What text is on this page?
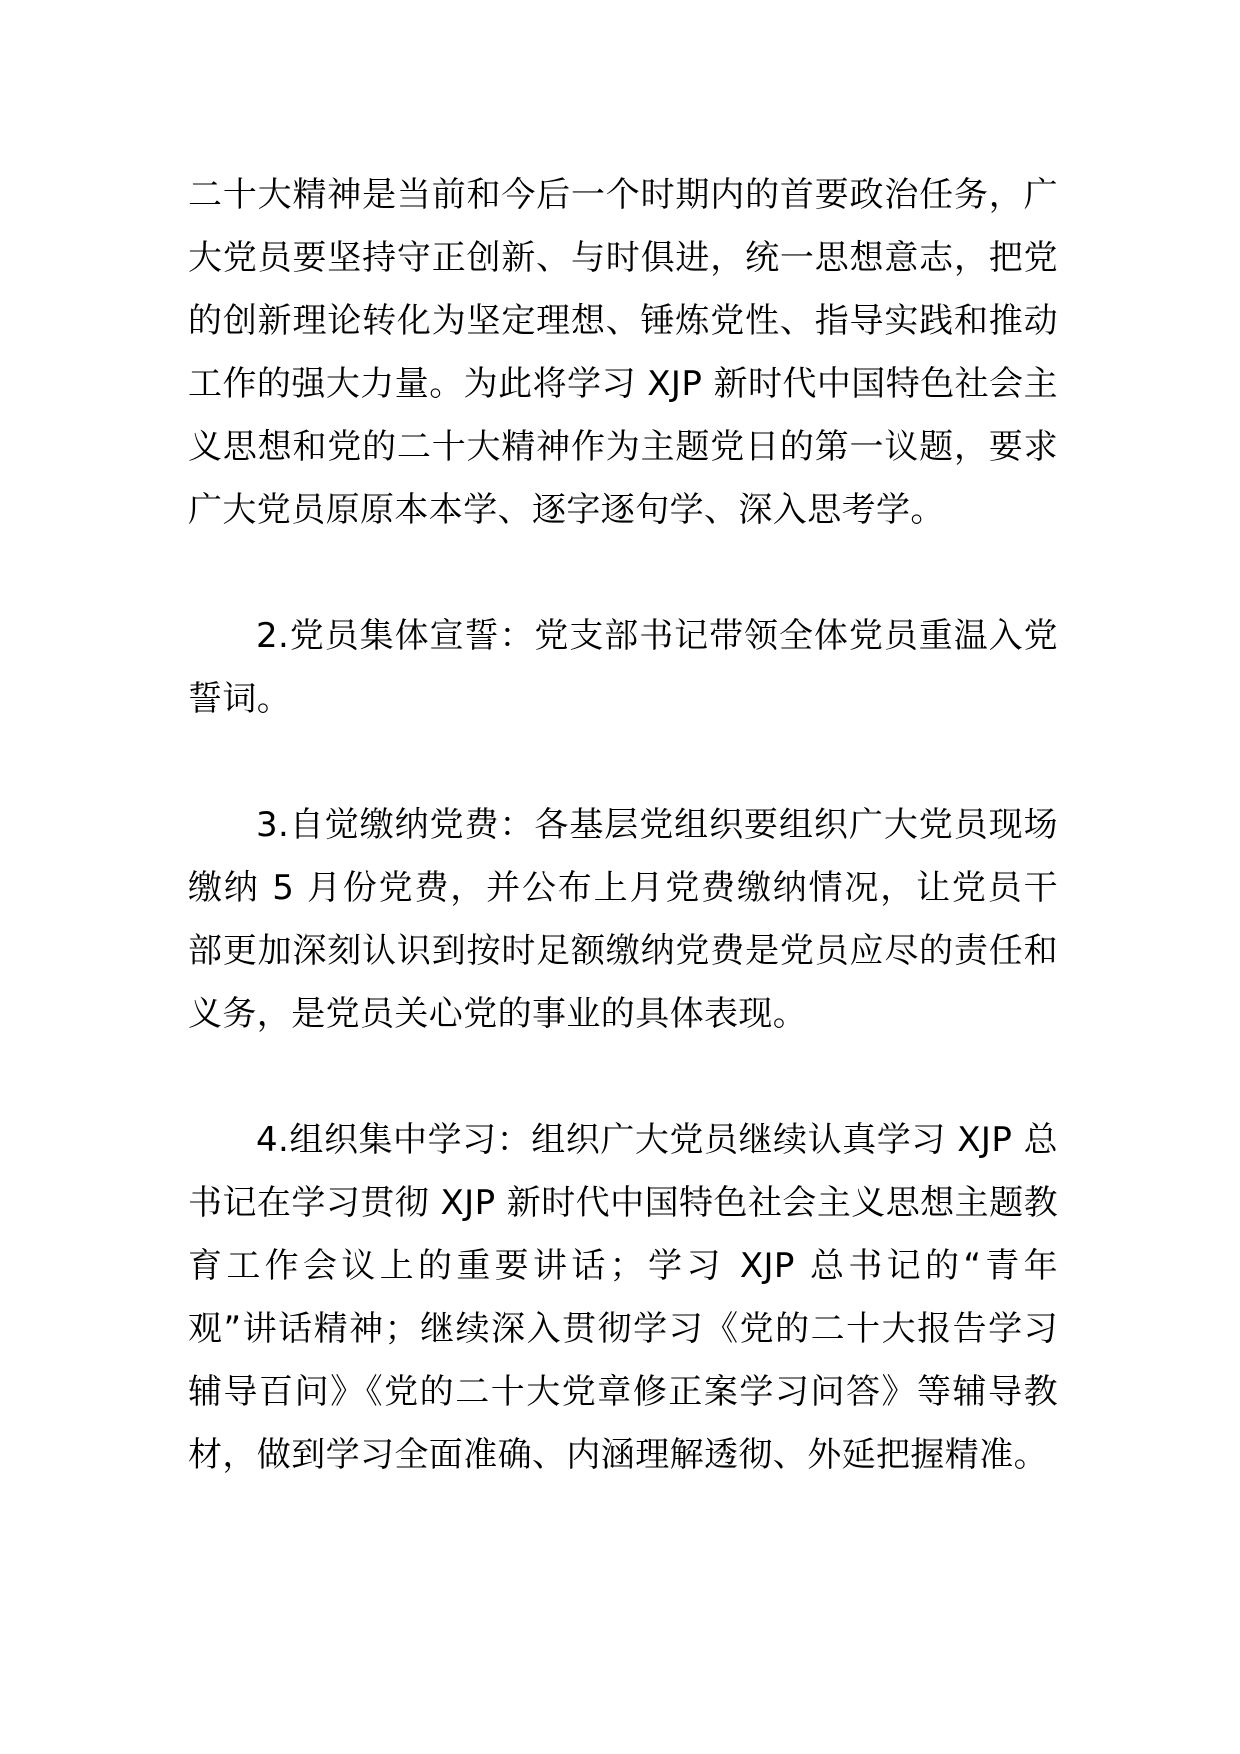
二十大精神是当前和今后一个时期内的首要政治任务，广大党员要坚持守正创新、与时俱进，统一思想意志，把党的创新理论转化为坚定理想、锤炼党性、指导实践和推动工作的强大力量。为此将学习 XJP 新时代中国特色社会主义思想和党的二十大精神作为主题党日的第一议题，要求广大党员原原本本学、逐字逐句学、深入思考学。

2.党员集体宣誓：党支部书记带领全体党员重温入党誓词。

3.自觉缴纳党费：各基层党组织要组织广大党员现场缴纳 5 月份党费，并公布上月党费缴纳情况，让党员干部更加深刻认识到按时足额缴纳党费是党员应尽的责任和义务，是党员关心党的事业的具体表现。

4.组织集中学习：组织广大党员继续认真学习 XJP 总书记在学习贯彻 XJP 新时代中国特色社会主义思想主题教育工作会议上的重要讲话；学习 XJP 总书记的“青年观”讲话精神；继续深入贯彻学习《党的二十大报告学习辅导百问》《党的二十大党章修正案学习问答》等辅导教材，做到学习全面准确、内涵理解透彻、外延把握精准。
